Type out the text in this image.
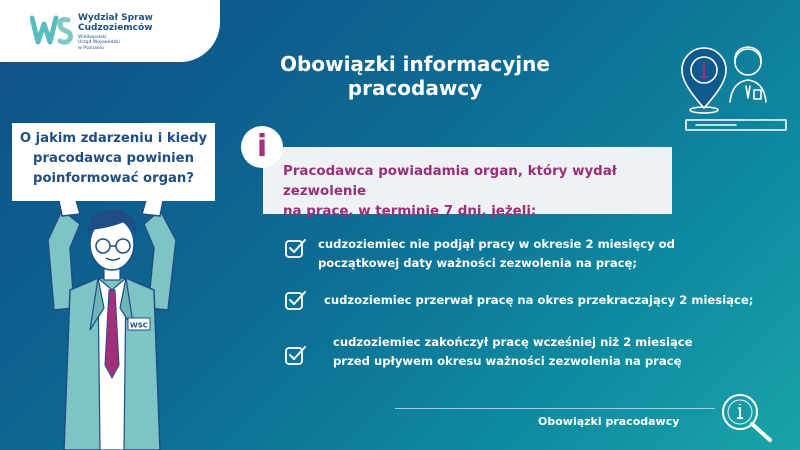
Wydział Spraw Cudzoziemców
Wielkopolski
Urząd Wojewódzki
w Poznaniu
Obowiązki informacyjne pracodawcy
WSC
O jakim zdarzeniu i kiedy
pracodawca powinien
poinformować organ?	Pracodawca powiadamia organ, który wydał zezwolenie
na pracę, w terminie 7 dni, jeżeli:
i
cudzoziemiec nie podjął pracy w okresie 2 miesięcy od
początkowej daty ważności zezwolenia na pracę;
cudzoziemiec przerwał pracę na okres przekraczający 2 miesiące;
cudzoziemiec zakończył pracę wcześniej niż 2 miesiące
przed upływem okresu ważności zezwolenia na pracę
Obowiązki pracodawcy
